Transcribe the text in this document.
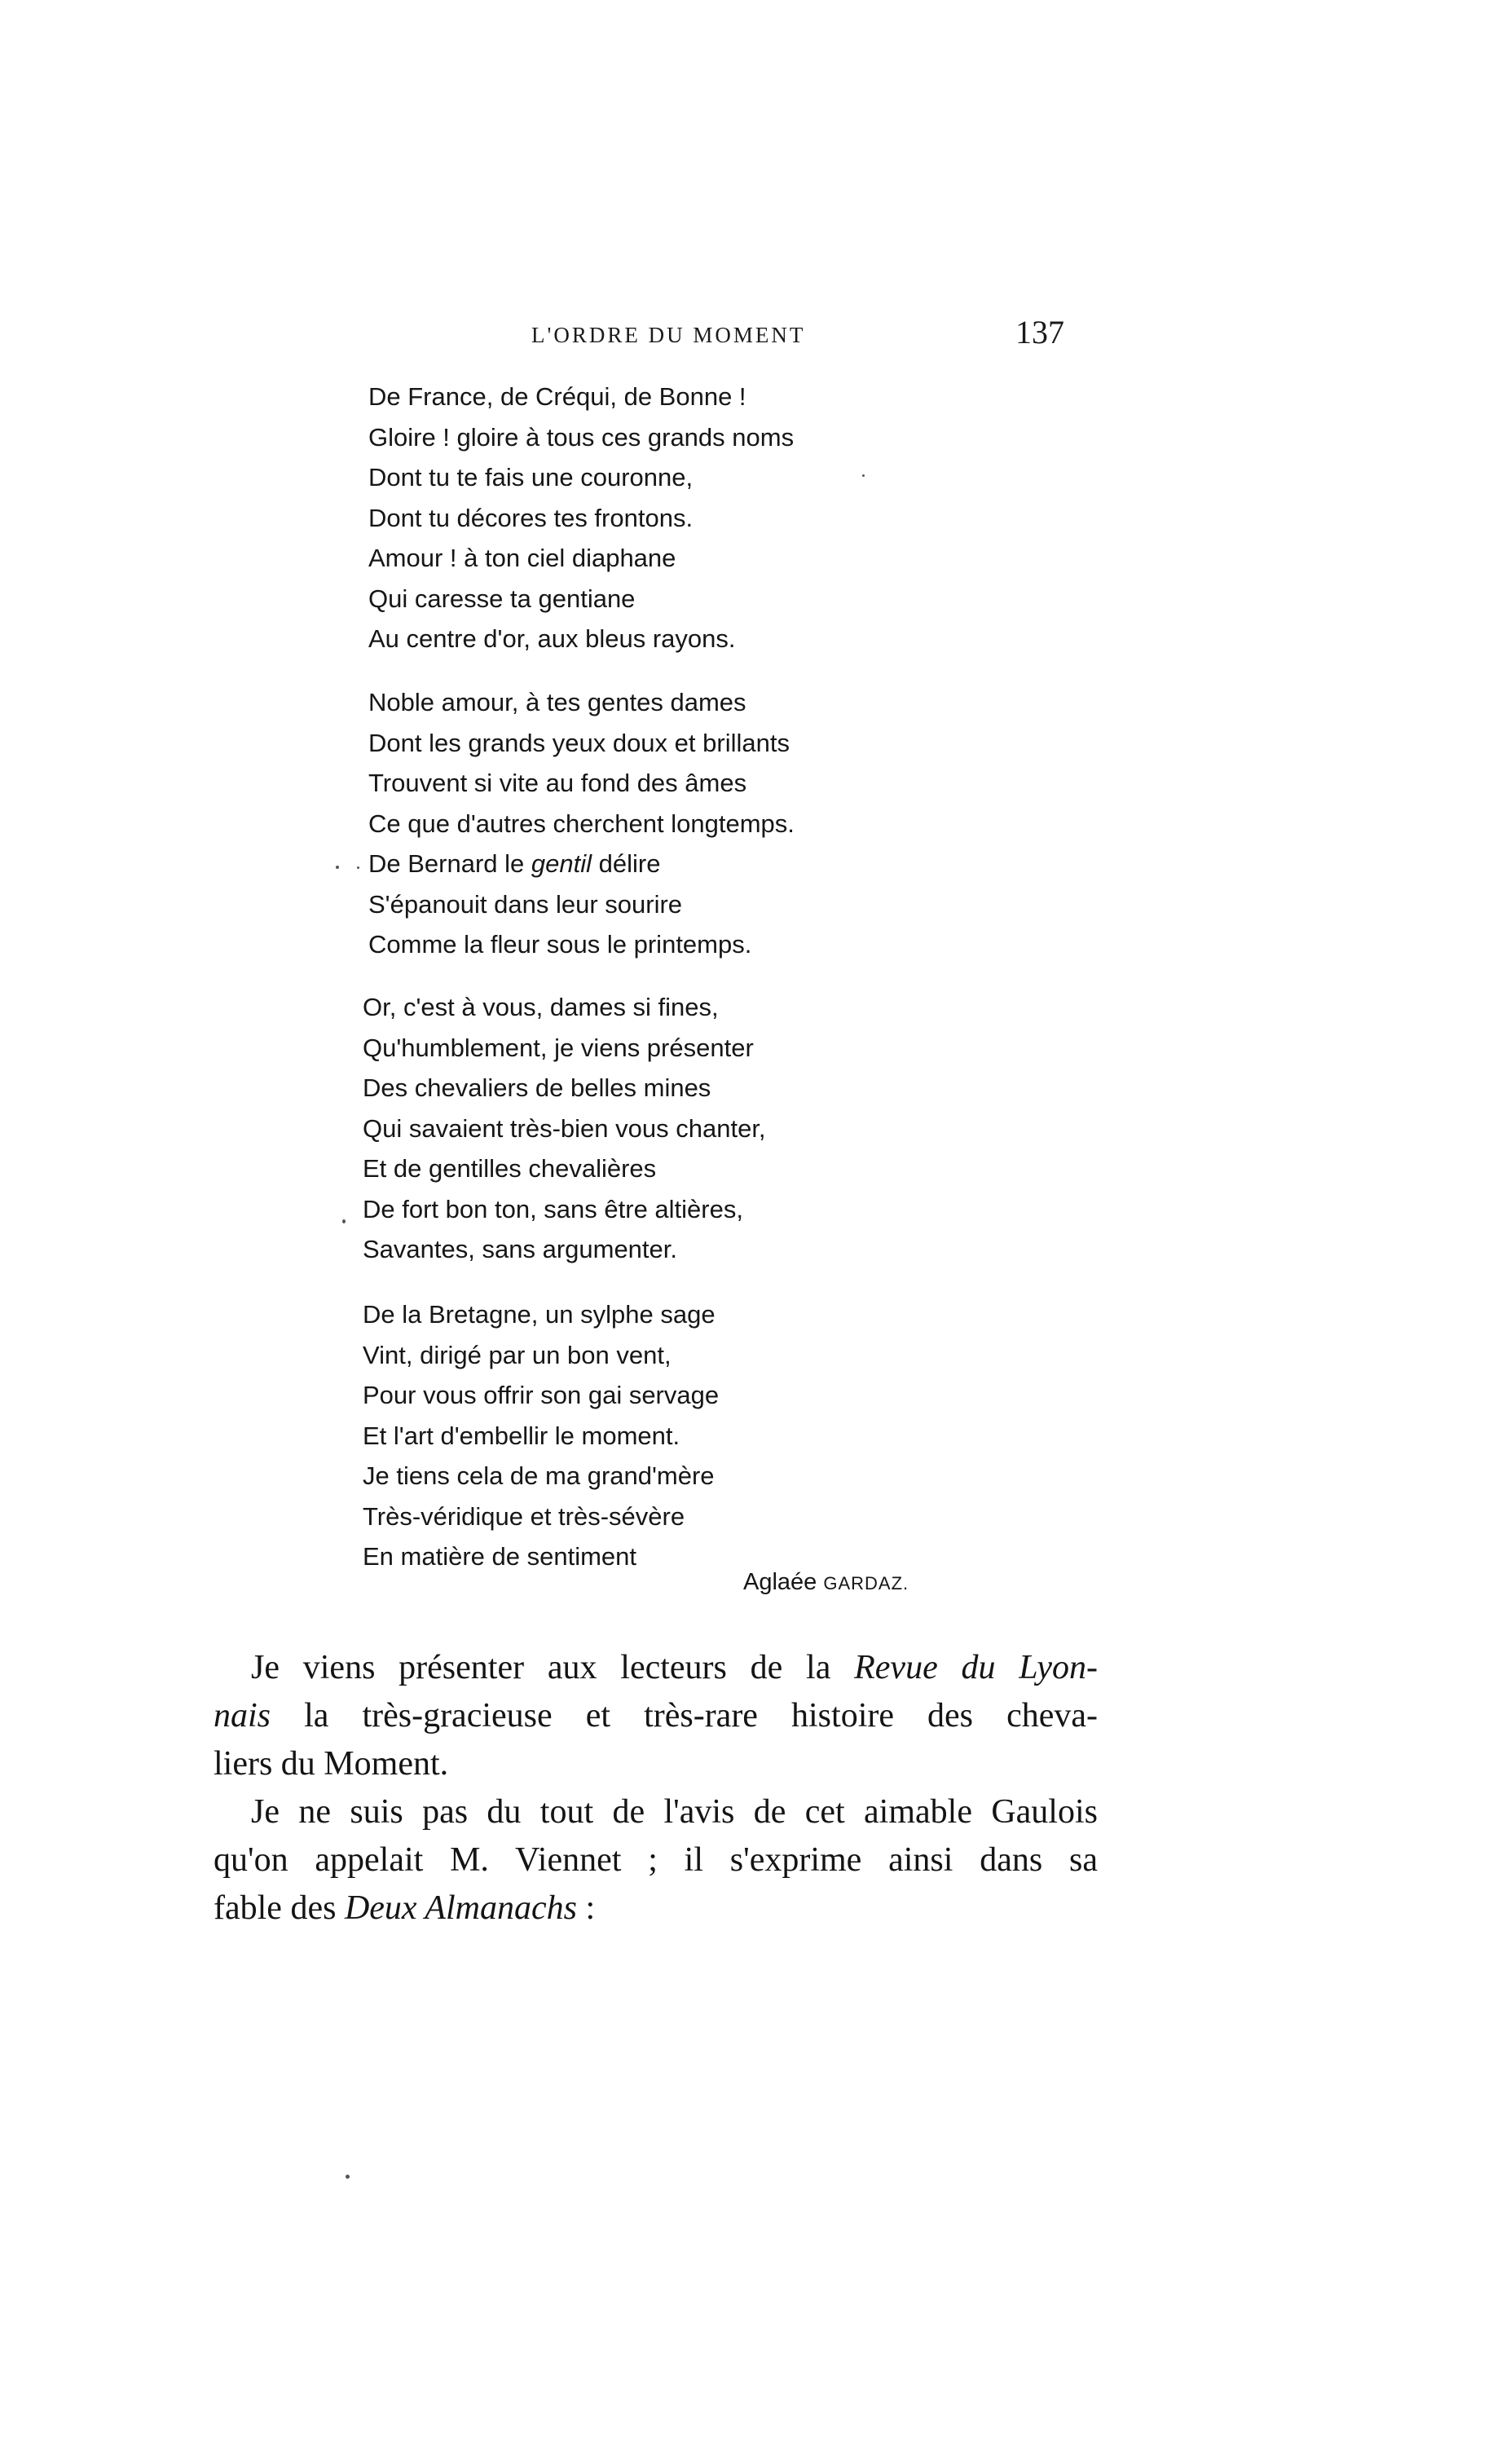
L'ORDRE DU MOMENT	137
De France, de Créqui, de Bonne !
Gloire ! gloire à tous ces grands noms
Dont tu te fais une couronne,
Dont tu décores tes frontons.
Amour ! à ton ciel diaphane
Qui caresse ta gentiane
Au centre d'or, aux bleus rayons.
Noble amour, à tes gentes dames
Dont les grands yeux doux et brillants
Trouvent si vite au fond des âmes
Ce que d'autres cherchent longtemps.
De Bernard le gentil délire
S'épanouit dans leur sourire
Comme la fleur sous le printemps.
Or, c'est à vous, dames si fines,
Qu'humblement, je viens présenter
Des chevaliers de belles mines
Qui savaient très-bien vous chanter,
Et de gentilles chevalières
De fort bon ton, sans être altières,
Savantes, sans argumenter.
De la Bretagne, un sylphe sage
Vint, dirigé par un bon vent,
Pour vous offrir son gai servage
Et l'art d'embellir le moment.
Je tiens cela de ma grand'mère
Très-véridique et très-sévère
En matière de sentiment
Aglaée GARDAZ.
Je viens présenter aux lecteurs de la Revue du Lyon-
nais la très-gracieuse et très-rare histoire des cheva-
liers du Moment.
Je ne suis pas du tout de l'avis de cet aimable Gaulois
qu'on appelait M. Viennet ; il s'exprime ainsi dans sa
fable des Deux Almanachs :
